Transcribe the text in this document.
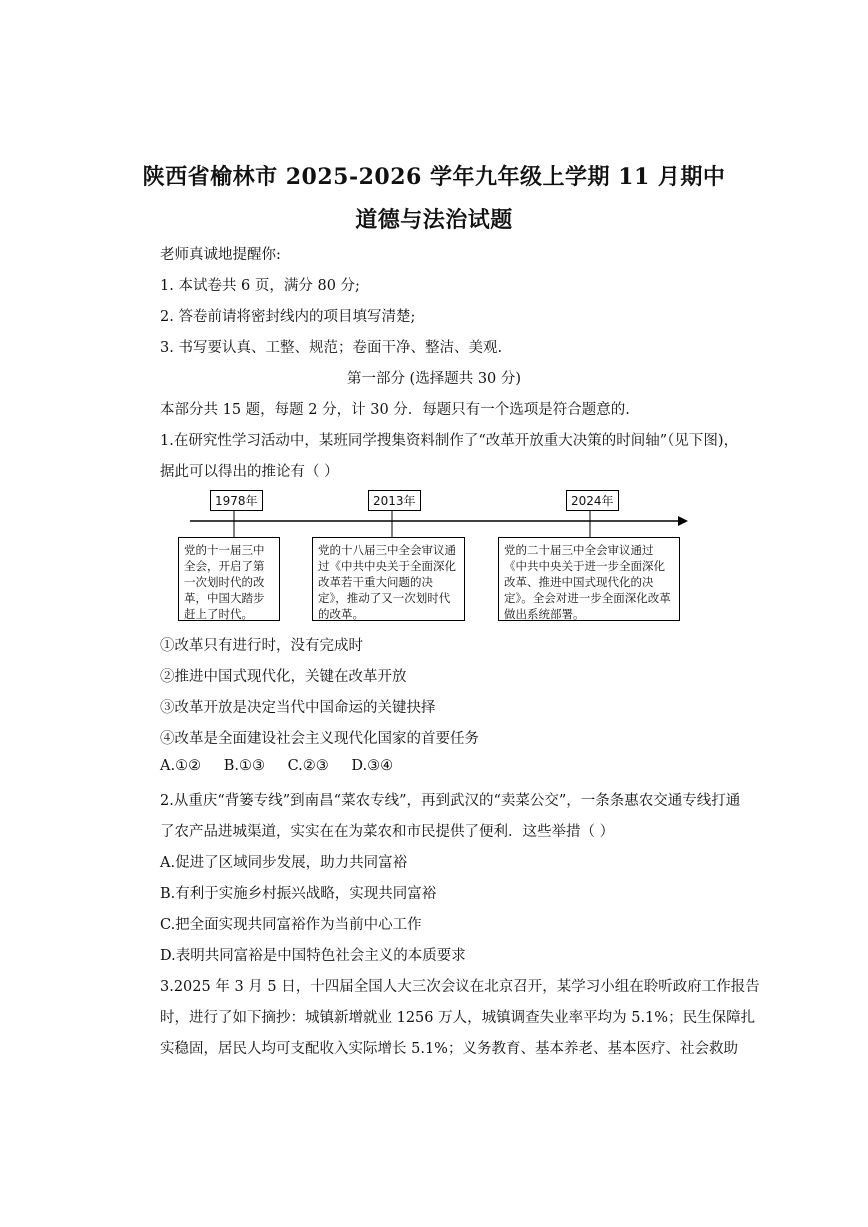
陕西省榆林市 2025-2026 学年九年级上学期 11 月期中
道德与法治试题
老师真诚地提醒你:
1. 本试卷共 6 页，满分 80 分;
2. 答卷前请将密封线内的项目填写清楚;
3. 书写要认真、工整、规范；卷面干净、整洁、美观.
第一部分 (选择题共 30 分)
本部分共 15 题，每题 2 分，计 30 分．每题只有一个选项是符合题意的.
1.在研究性学习活动中，某班同学搜集资料制作了“改革开放重大决策的时间轴”（见下图)，
据此可以得出的推论有（ ）
1978年	2013年	2024年
党的十一届三中全会，开启了第一次划时代的改革，中国大踏步赶上了时代。
党的十八届三中全会审议通过《中共中央关于全面深化改革若干重大问题的决定》，推动了又一次划时代的改革。
党的二十届三中全会审议通过《中共中央关于进一步全面深化改革、推进中国式现代化的决定》。全会对进一步全面深化改革做出系统部署。
①改革只有进行时，没有完成时
②推进中国式现代化，关键在改革开放
③改革开放是决定当代中国命运的关键抉择
④改革是全面建设社会主义现代化国家的首要任务
A.①② B.①③ C.②③ D.③④
2.从重庆“背篓专线”到南昌“菜农专线”，再到武汉的“卖菜公交”，一条条惠农交通专线打通
了农产品进城渠道，实实在在为菜农和市民提供了便利．这些举措（ ）
A.促进了区域同步发展，助力共同富裕
B.有利于实施乡村振兴战略，实现共同富裕
C.把全面实现共同富裕作为当前中心工作
D.表明共同富裕是中国特色社会主义的本质要求
3.2025 年 3 月 5 日，十四届全国人大三次会议在北京召开，某学习小组在聆听政府工作报告
时，进行了如下摘抄：城镇新增就业 1256 万人，城镇调查失业率平均为 5.1%；民生保障扎
实稳固，居民人均可支配收入实际增长 5.1%；义务教育、基本养老、基本医疗、社会救助
